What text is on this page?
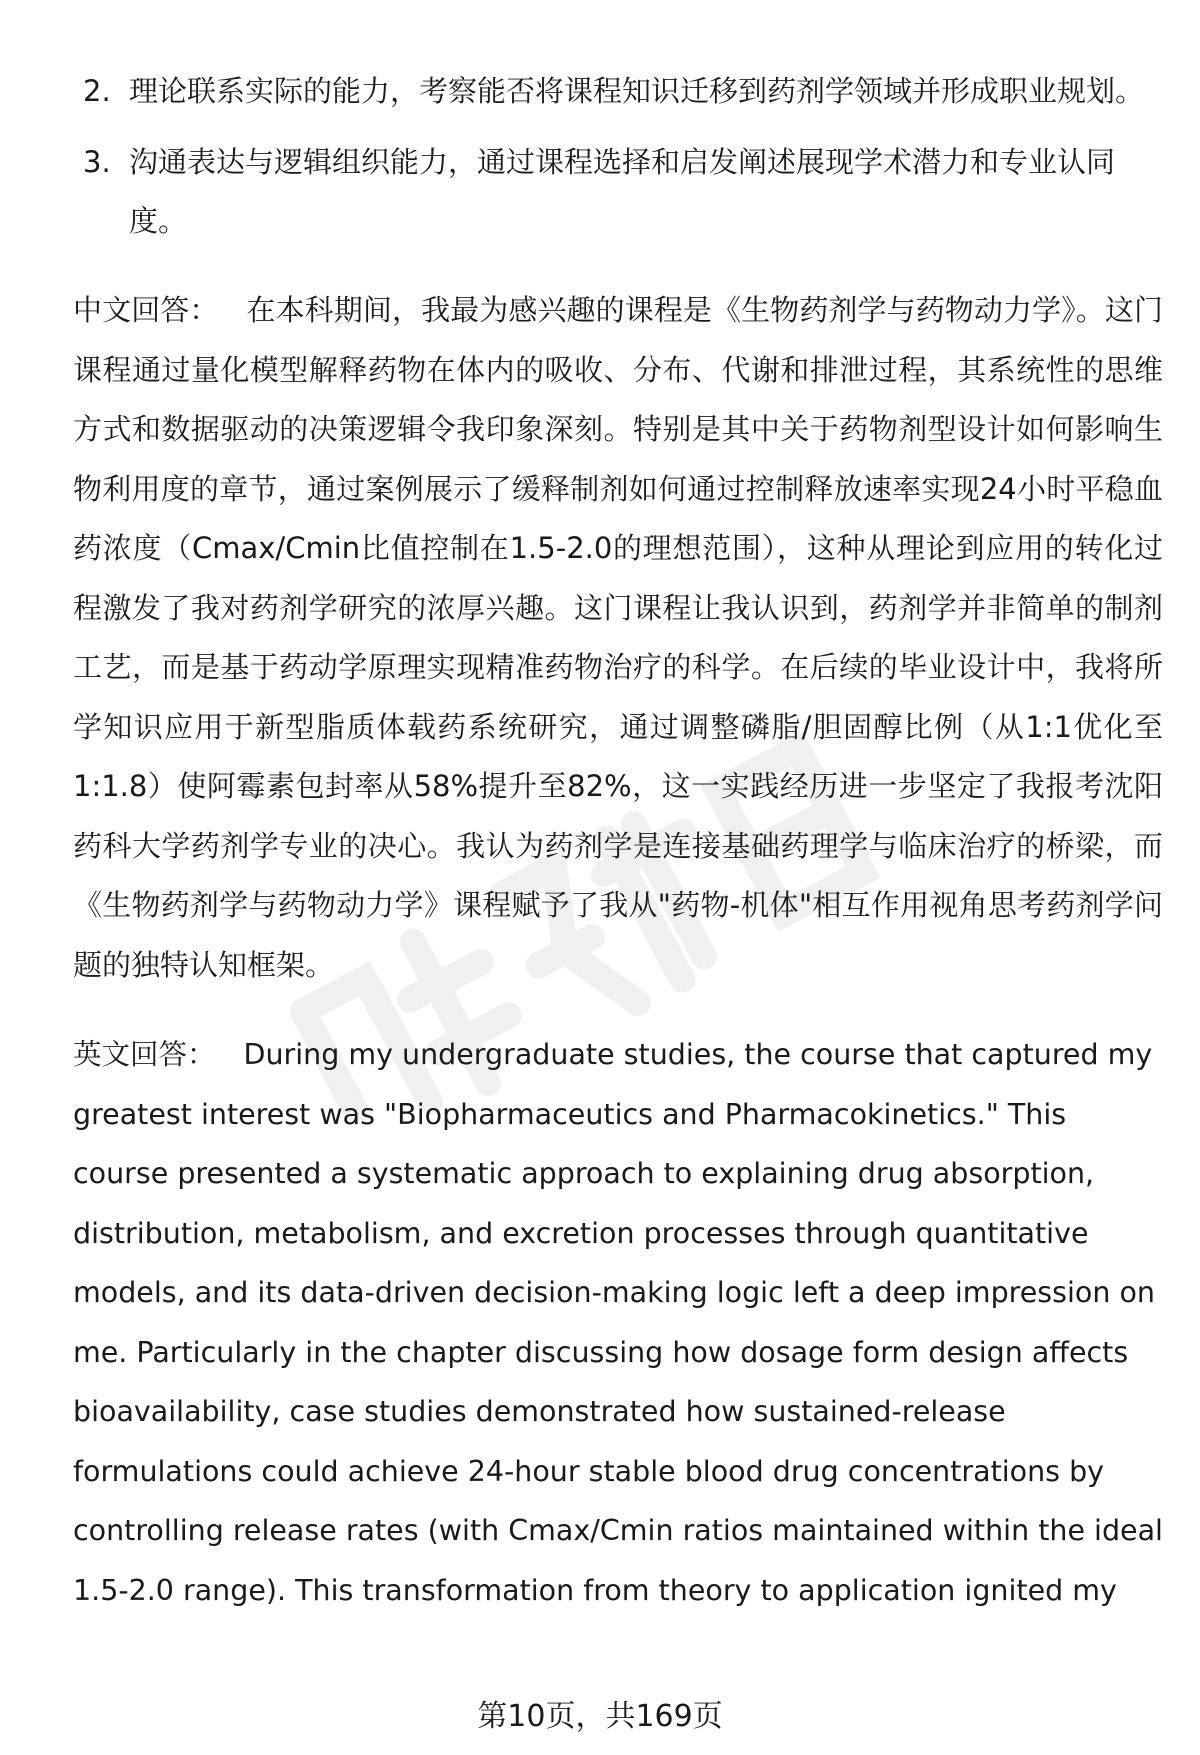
2. 理论联系实际的能力，考察能否将课程知识迁移到药剂学领域并形成职业规划。
3. 沟通表达与逻辑组织能力，通过课程选择和启发阐述展现学术潜力和专业认同度。

中文回答： 在本科期间，我最为感兴趣的课程是《生物药剂学与药物动力学》。这门课程通过量化模型解释药物在体内的吸收、分布、代谢和排泄过程，其系统性的思维方式和数据驱动的决策逻辑令我印象深刻。特别是其中关于药物剂型设计如何影响生物利用度的章节，通过案例展示了缓释制剂如何通过控制释放速率实现24小时平稳血药浓度（Cmax/Cmin比值控制在1.5-2.0的理想范围），这种从理论到应用的转化过程激发了我对药剂学研究的浓厚兴趣。这门课程让我认识到，药剂学并非简单的制剂工艺，而是基于药动学原理实现精准药物治疗的科学。在后续的毕业设计中，我将所学知识应用于新型脂质体载药系统研究，通过调整磷脂/胆固醇比例（从1:1优化至1:1.8）使阿霉素包封率从58%提升至82%，这一实践经历进一步坚定了我报考沈阳药科大学药剂学专业的决心。我认为药剂学是连接基础药理学与临床治疗的桥梁，而《生物药剂学与药物动力学》课程赋予了我从"药物-机体"相互作用视角思考药剂学问题的独特认知框架。

英文回答： During my undergraduate studies, the course that captured my greatest interest was "Biopharmaceutics and Pharmacokinetics." This course presented a systematic approach to explaining drug absorption, distribution, metabolism, and excretion processes through quantitative models, and its data-driven decision-making logic left a deep impression on me. Particularly in the chapter discussing how dosage form design affects bioavailability, case studies demonstrated how sustained-release formulations could achieve 24-hour stable blood drug concentrations by controlling release rates (with Cmax/Cmin ratios maintained within the ideal 1.5-2.0 range). This transformation from theory to application ignited my

第10页，共169页
